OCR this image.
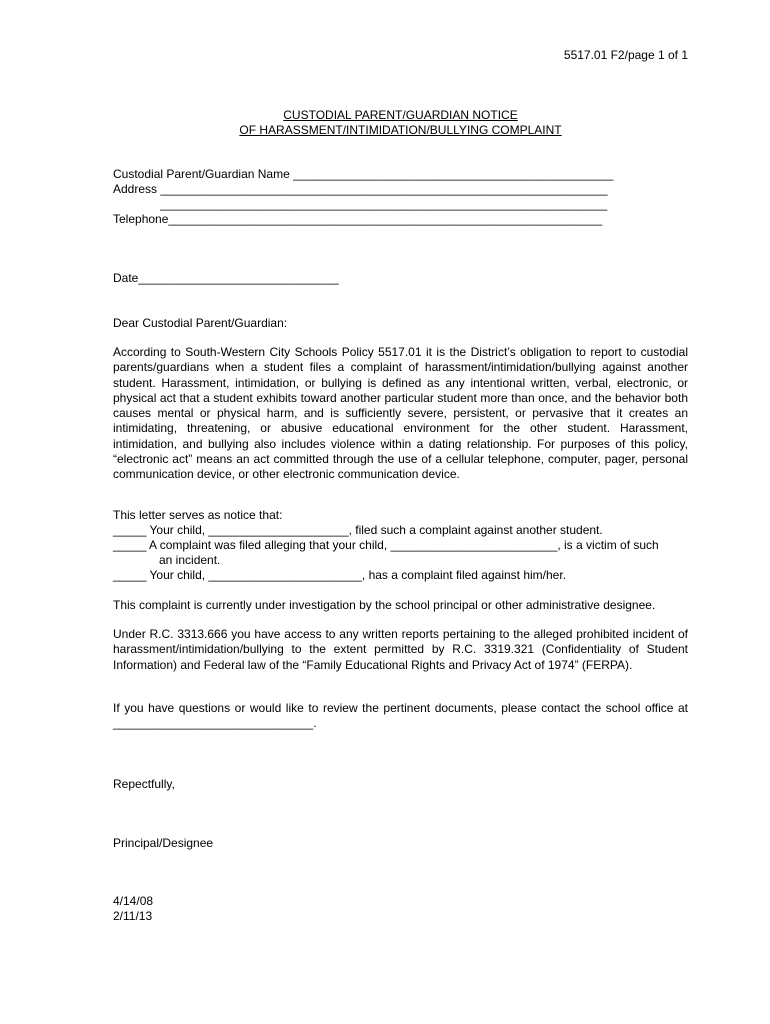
5517.01 F2/page 1 of 1
CUSTODIAL PARENT/GUARDIAN NOTICE
OF HARASSMENT/INTIMIDATION/BULLYING COMPLAINT
Custodial Parent/Guardian Name ________________________________________________
Address ___________________________________________________________________
___________________________________________________________________
Telephone_________________________________________________________________
Date______________________________
Dear Custodial Parent/Guardian:
According to South-Western City Schools Policy 5517.01 it is the District’s obligation to report to custodial parents/guardians when a student files a complaint of harassment/intimidation/bullying against another student. Harassment, intimidation, or bullying is defined as any intentional written, verbal, electronic, or physical act that a student exhibits toward another particular student more than once, and the behavior both causes mental or physical harm, and is sufficiently severe, persistent, or pervasive that it creates an intimidating, threatening, or abusive educational environment for the other student. Harassment, intimidation, and bullying also includes violence within a dating relationship. For purposes of this policy, “electronic act” means an act committed through the use of a cellular telephone, computer, pager, personal communication device, or other electronic communication device.
This letter serves as notice that:
_____ Your child, _____________________, filed such a complaint against another student.
_____ A complaint was filed alleging that your child, _________________________, is a victim of such
an incident.
_____ Your child, _______________________, has a complaint filed against him/her.
This complaint is currently under investigation by the school principal or other administrative designee.
Under R.C. 3313.666 you have access to any written reports pertaining to the alleged prohibited incident of harassment/intimidation/bullying to the extent permitted by R.C. 3319.321 (Confidentiality of Student Information) and Federal law of the “Family Educational Rights and Privacy Act of 1974” (FERPA).
If you have questions or would like to review the pertinent documents, please contact the school office at ______________________________.
Repectfully,
Principal/Designee
4/14/08
2/11/13
